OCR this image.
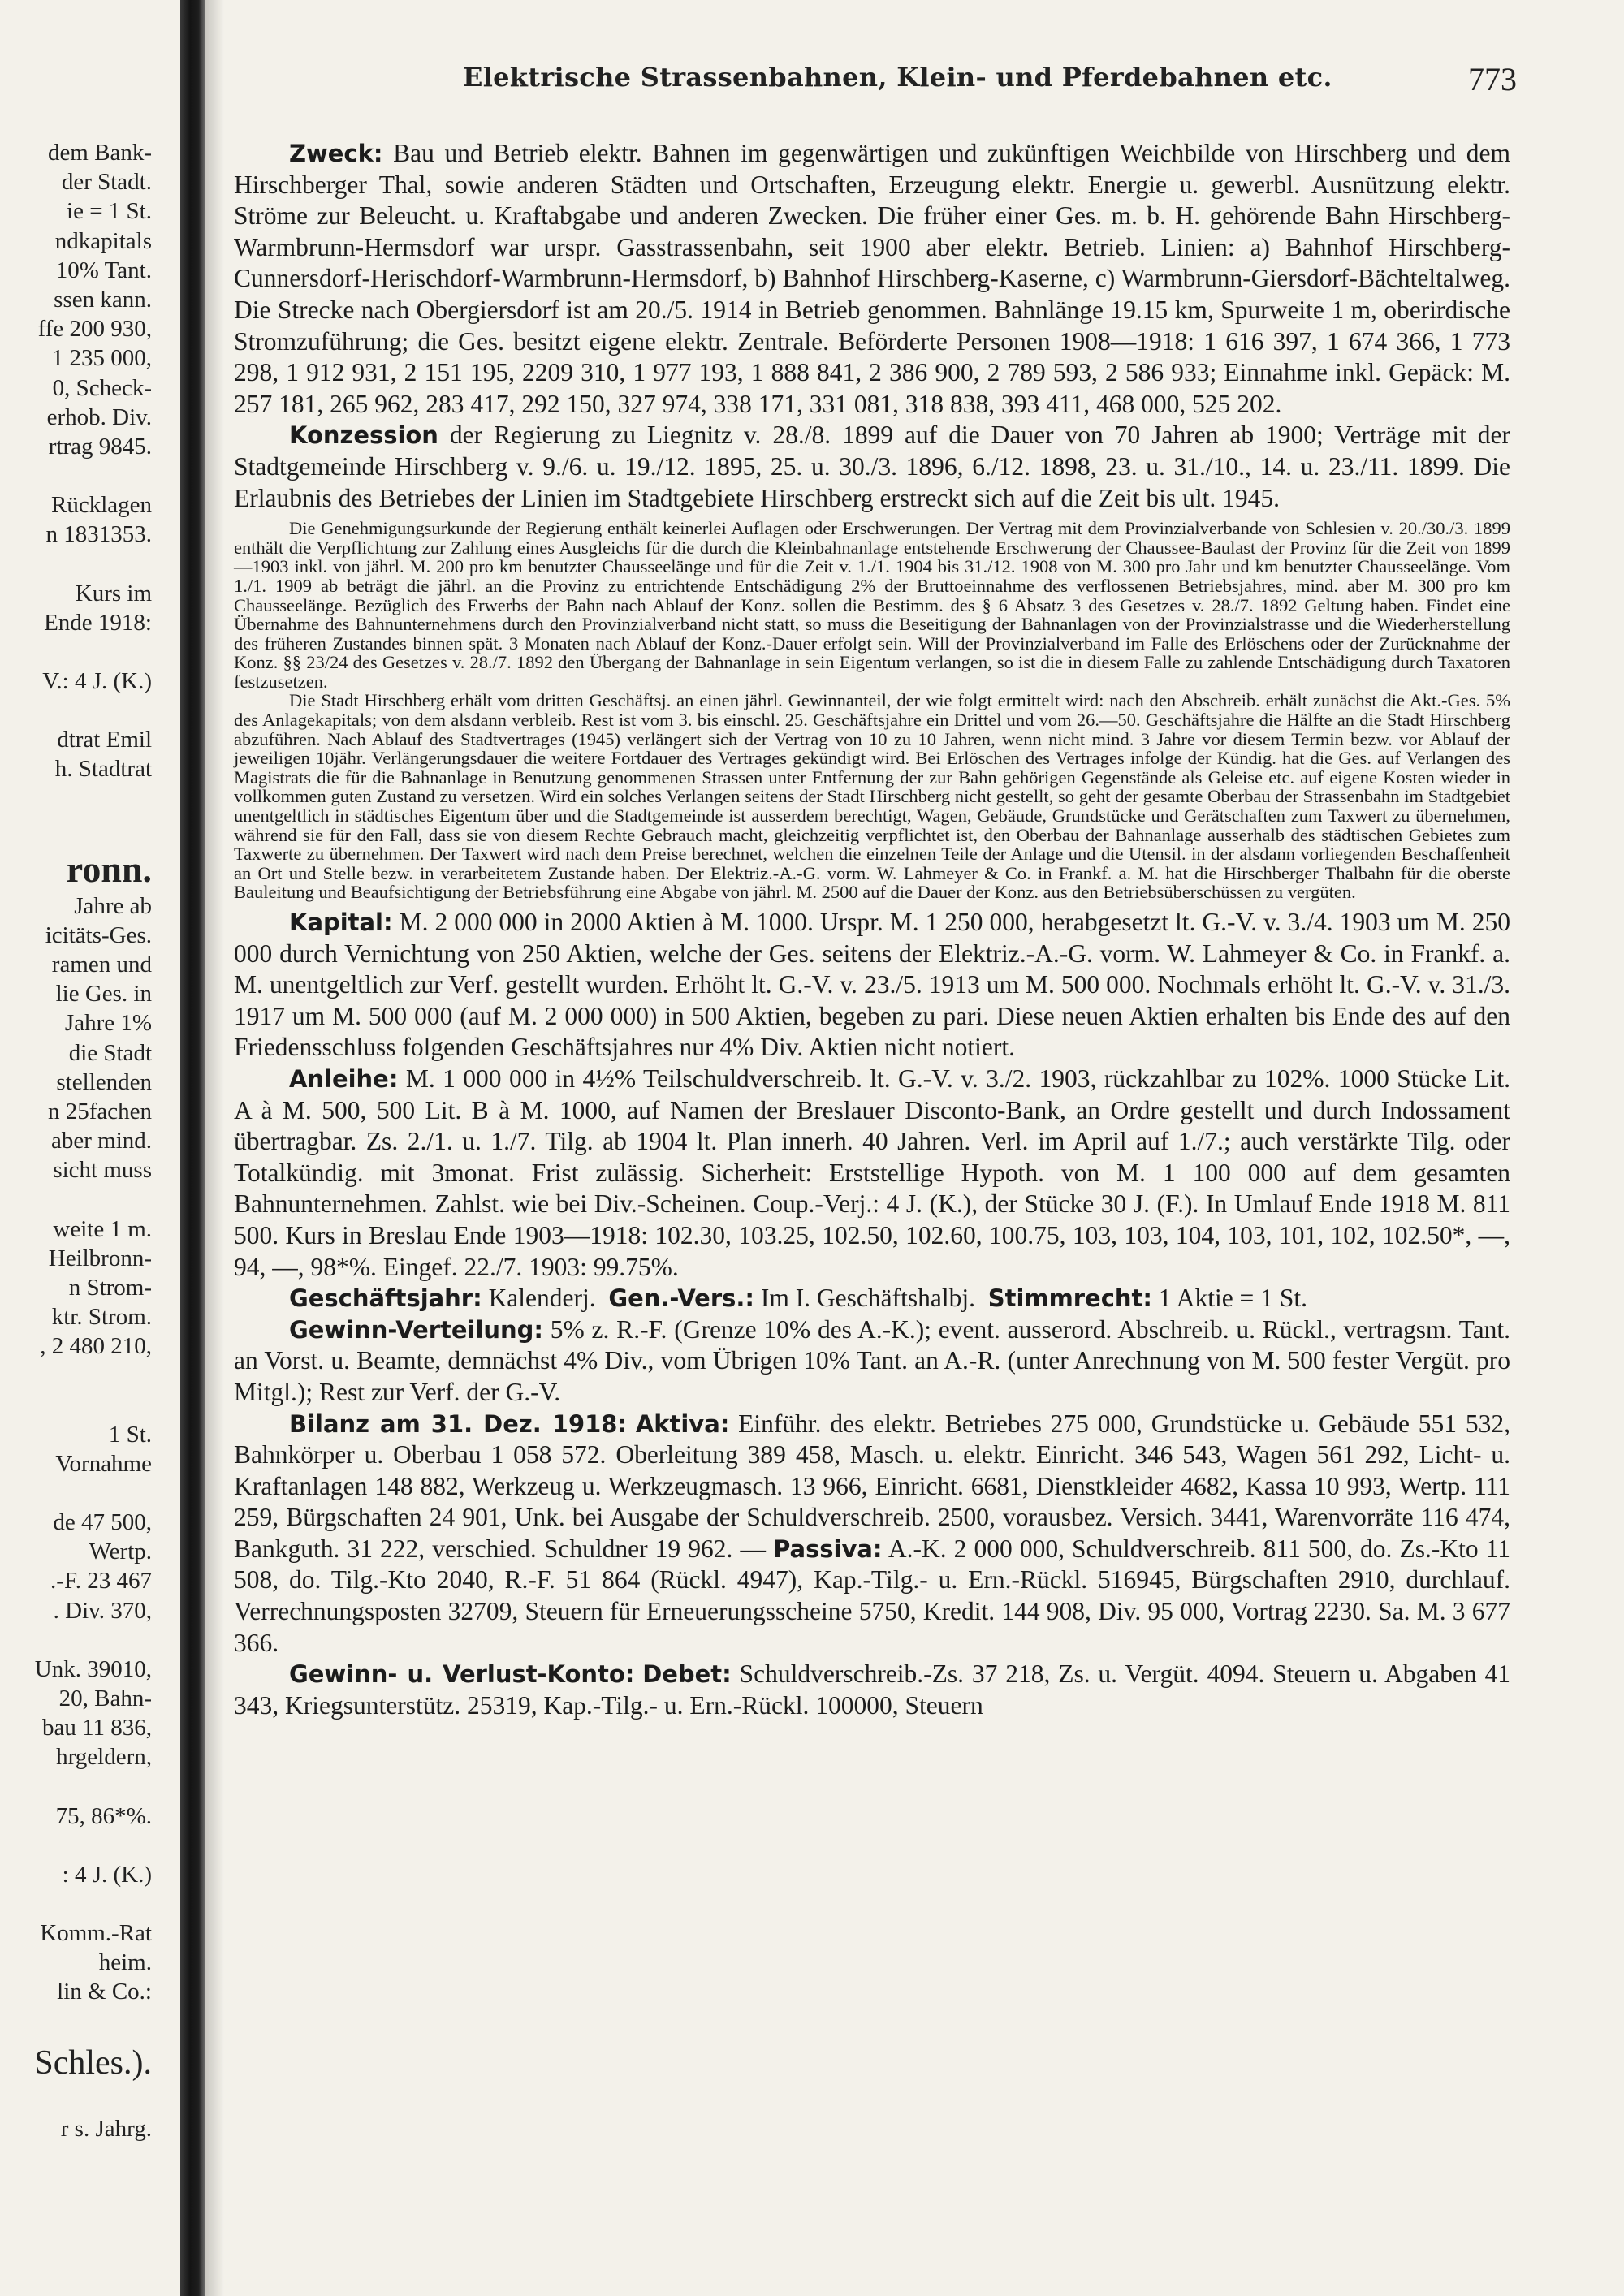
dem Bank-
der Stadt.
ie = 1 St.
ndkapitals
10% Tant.
ssen kann.
ffe 200 930,
1 235 000,
0, Scheck-
erhob. Div.
rtrag 9845.
Rücklagen
n 1831353.
Kurs im
Ende 1918:
V.: 4 J. (K.)
dtrat Emil
h. Stadtrat
ronn.
Jahre ab
icitäts-Ges.
ramen und
lie Ges. in
Jahre 1%
die Stadt
stellenden
n 25fachen
aber mind.
sicht muss
weite 1 m.
Heilbronn-
n Strom-
ktr. Strom.
, 2 480 210,
1 St.
Vornahme
de 47 500,
Wertp.
.-F. 23 467
. Div. 370,
Unk. 39010,
20, Bahn-
bau 11 836,
hrgeldern,
75, 86*%.
: 4 J. (K.)
Komm.-Rat
heim.
lin & Co.:
Schles.).
r s. Jahrg.
Elektrische Strassenbahnen, Klein- und Pferdebahnen etc.	773

Zweck: Bau und Betrieb elektr. Bahnen im gegenwärtigen und zukünftigen Weichbilde von Hirschberg und dem Hirschberger Thal, sowie anderen Städten und Ortschaften, Erzeugung elektr. Energie u. gewerbl. Ausnützung elektr. Ströme zur Beleucht. u. Kraftabgabe und anderen Zwecken. Die früher einer Ges. m. b. H. gehörende Bahn Hirschberg-Warmbrunn-Hermsdorf war urspr. Gasstrassenbahn, seit 1900 aber elektr. Betrieb. Linien: a) Bahnhof Hirschberg-Cunnersdorf-Herischdorf-Warmbrunn-Hermsdorf, b) Bahnhof Hirschberg-Kaserne, c) Warmbrunn-Giersdorf-Bächteltalweg. Die Strecke nach Obergiersdorf ist am 20./5. 1914 in Betrieb genommen. Bahnlänge 19.15 km, Spurweite 1 m, oberirdische Stromzuführung; die Ges. besitzt eigene elektr. Zentrale. Beförderte Personen 1908—1918: 1 616 397, 1 674 366, 1 773 298, 1 912 931, 2 151 195, 2209 310, 1 977 193, 1 888 841, 2 386 900, 2 789 593, 2 586 933; Einnahme inkl. Gepäck: M. 257 181, 265 962, 283 417, 292 150, 327 974, 338 171, 331 081, 318 838, 393 411, 468 000, 525 202.

Konzession der Regierung zu Liegnitz v. 28./8. 1899 auf die Dauer von 70 Jahren ab 1900; Verträge mit der Stadtgemeinde Hirschberg v. 9./6. u. 19./12. 1895, 25. u. 30./3. 1896, 6./12. 1898, 23. u. 31./10., 14. u. 23./11. 1899. Die Erlaubnis des Betriebes der Linien im Stadtgebiete Hirschberg erstreckt sich auf die Zeit bis ult. 1945.

Die Genehmigungsurkunde der Regierung enthält keinerlei Auflagen oder Erschwerungen. Der Vertrag mit dem Provinzialverbande von Schlesien v. 20./30./3. 1899 enthält die Verpflichtung zur Zahlung eines Ausgleichs für die durch die Kleinbahnanlage entstehende Erschwerung der Chaussee-Baulast der Provinz für die Zeit von 1899—1903 inkl. von jährl. M. 200 pro km benutzter Chausseelänge und für die Zeit v. 1./1. 1904 bis 31./12. 1908 von M. 300 pro Jahr und km benutzter Chausseelänge. Vom 1./1. 1909 ab beträgt die jährl. an die Provinz zu entrichtende Entschädigung 2% der Bruttoeinnahme des verflossenen Betriebsjahres, mind. aber M. 300 pro km Chausseelänge. Bezüglich des Erwerbs der Bahn nach Ablauf der Konz. sollen die Bestimm. des § 6 Absatz 3 des Gesetzes v. 28./7. 1892 Geltung haben. Findet eine Übernahme des Bahnunternehmens durch den Provinzialverband nicht statt, so muss die Beseitigung der Bahnanlagen von der Provinzialstrasse und die Wiederherstellung des früheren Zustandes binnen spät. 3 Monaten nach Ablauf der Konz.-Dauer erfolgt sein. Will der Provinzialverband im Falle des Erlöschens oder der Zurücknahme der Konz. §§ 23/24 des Gesetzes v. 28./7. 1892 den Übergang der Bahnanlage in sein Eigentum verlangen, so ist die in diesem Falle zu zahlende Entschädigung durch Taxatoren festzusetzen.

Die Stadt Hirschberg erhält vom dritten Geschäftsj. an einen jährl. Gewinnanteil, der wie folgt ermittelt wird: nach den Abschreib. erhält zunächst die Akt.-Ges. 5% des Anlagekapitals; von dem alsdann verbleib. Rest ist vom 3. bis einschl. 25. Geschäftsjahre ein Drittel und vom 26.—50. Geschäftsjahre die Hälfte an die Stadt Hirschberg abzuführen. Nach Ablauf des Stadtvertrages (1945) verlängert sich der Vertrag von 10 zu 10 Jahren, wenn nicht mind. 3 Jahre vor diesem Termin bezw. vor Ablauf der jeweiligen 10jähr. Verlängerungsdauer die weitere Fortdauer des Vertrages gekündigt wird. Bei Erlöschen des Vertrages infolge der Kündig. hat die Ges. auf Verlangen des Magistrats die für die Bahnanlage in Benutzung genommenen Strassen unter Entfernung der zur Bahn gehörigen Gegenstände als Geleise etc. auf eigene Kosten wieder in vollkommen guten Zustand zu versetzen. Wird ein solches Verlangen seitens der Stadt Hirschberg nicht gestellt, so geht der gesamte Oberbau der Strassenbahn im Stadtgebiet unentgeltlich in städtisches Eigentum über und die Stadtgemeinde ist ausserdem berechtigt, Wagen, Gebäude, Grundstücke und Gerätschaften zum Taxwert zu übernehmen, während sie für den Fall, dass sie von diesem Rechte Gebrauch macht, gleichzeitig verpflichtet ist, den Oberbau der Bahnanlage ausserhalb des städtischen Gebietes zum Taxwerte zu übernehmen. Der Taxwert wird nach dem Preise berechnet, welchen die einzelnen Teile der Anlage und die Utensil. in der alsdann vorliegenden Beschaffenheit an Ort und Stelle bezw. in verarbeitetem Zustande haben. Der Elektriz.-A.-G. vorm. W. Lahmeyer & Co. in Frankf. a. M. hat die Hirschberger Thalbahn für die oberste Bauleitung und Beaufsichtigung der Betriebsführung eine Abgabe von jährl. M. 2500 auf die Dauer der Konz. aus den Betriebsüberschüssen zu vergüten.

Kapital: M. 2 000 000 in 2000 Aktien à M. 1000. Urspr. M. 1 250 000, herabgesetzt lt. G.-V. v. 3./4. 1903 um M. 250 000 durch Vernichtung von 250 Aktien, welche der Ges. seitens der Elektriz.-A.-G. vorm. W. Lahmeyer & Co. in Frankf. a. M. unentgeltlich zur Verf. gestellt wurden. Erhöht lt. G.-V. v. 23./5. 1913 um M. 500 000. Nochmals erhöht lt. G.-V. v. 31./3. 1917 um M. 500 000 (auf M. 2 000 000) in 500 Aktien, begeben zu pari. Diese neuen Aktien erhalten bis Ende des auf den Friedensschluss folgenden Geschäftsjahres nur 4% Div. Aktien nicht notiert.

Anleihe: M. 1 000 000 in 4½% Teilschuldverschreib. lt. G.-V. v. 3./2. 1903, rückzahlbar zu 102%. 1000 Stücke Lit. A à M. 500, 500 Lit. B à M. 1000, auf Namen der Breslauer Disconto-Bank, an Ordre gestellt und durch Indossament übertragbar. Zs. 2./1. u. 1./7. Tilg. ab 1904 lt. Plan innerh. 40 Jahren. Verl. im April auf 1./7.; auch verstärkte Tilg. oder Totalkündig. mit 3monat. Frist zulässig. Sicherheit: Erststellige Hypoth. von M. 1 100 000 auf dem gesamten Bahnunternehmen. Zahlst. wie bei Div.-Scheinen. Coup.-Verj.: 4 J. (K.), der Stücke 30 J. (F.). In Umlauf Ende 1918 M. 811 500. Kurs in Breslau Ende 1903—1918: 102.30, 103.25, 102.50, 102.60, 100.75, 103, 103, 104, 103, 101, 102, 102.50*, —, 94, —, 98*%. Eingef. 22./7. 1903: 99.75%.

Geschäftsjahr: Kalenderj. Gen.-Vers.: Im I. Geschäftshalbj. Stimmrecht: 1 Aktie = 1 St.

Gewinn-Verteilung: 5% z. R.-F. (Grenze 10% des A.-K.); event. ausserord. Abschreib. u. Rückl., vertragsm. Tant. an Vorst. u. Beamte, demnächst 4% Div., vom Übrigen 10% Tant. an A.-R. (unter Anrechnung von M. 500 fester Vergüt. pro Mitgl.); Rest zur Verf. der G.-V.

Bilanz am 31. Dez. 1918: Aktiva: Einführ. des elektr. Betriebes 275 000, Grundstücke u. Gebäude 551 532, Bahnkörper u. Oberbau 1 058 572. Oberleitung 389 458, Masch. u. elektr. Einricht. 346 543, Wagen 561 292, Licht- u. Kraftanlagen 148 882, Werkzeug u. Werkzeugmasch. 13 966, Einricht. 6681, Dienstkleider 4682, Kassa 10 993, Wertp. 111 259, Bürgschaften 24 901, Unk. bei Ausgabe der Schuldverschreib. 2500, vorausbez. Versich. 3441, Warenvorräte 116 474, Bankguth. 31 222, verschied. Schuldner 19 962. — Passiva: A.-K. 2 000 000, Schuldverschreib. 811 500, do. Zs.-Kto 11 508, do. Tilg.-Kto 2040, R.-F. 51 864 (Rückl. 4947), Kap.-Tilg.- u. Ern.-Rückl. 516945, Bürgschaften 2910, durchlauf. Verrechnungsposten 32709, Steuern für Erneuerungsscheine 5750, Kredit. 144 908, Div. 95 000, Vortrag 2230. Sa. M. 3 677 366.

Gewinn- u. Verlust-Konto: Debet: Schuldverschreib.-Zs. 37 218, Zs. u. Vergüt. 4094. Steuern u. Abgaben 41 343, Kriegsunterstütz. 25319, Kap.-Tilg.- u. Ern.-Rückl. 100000, Steuern
